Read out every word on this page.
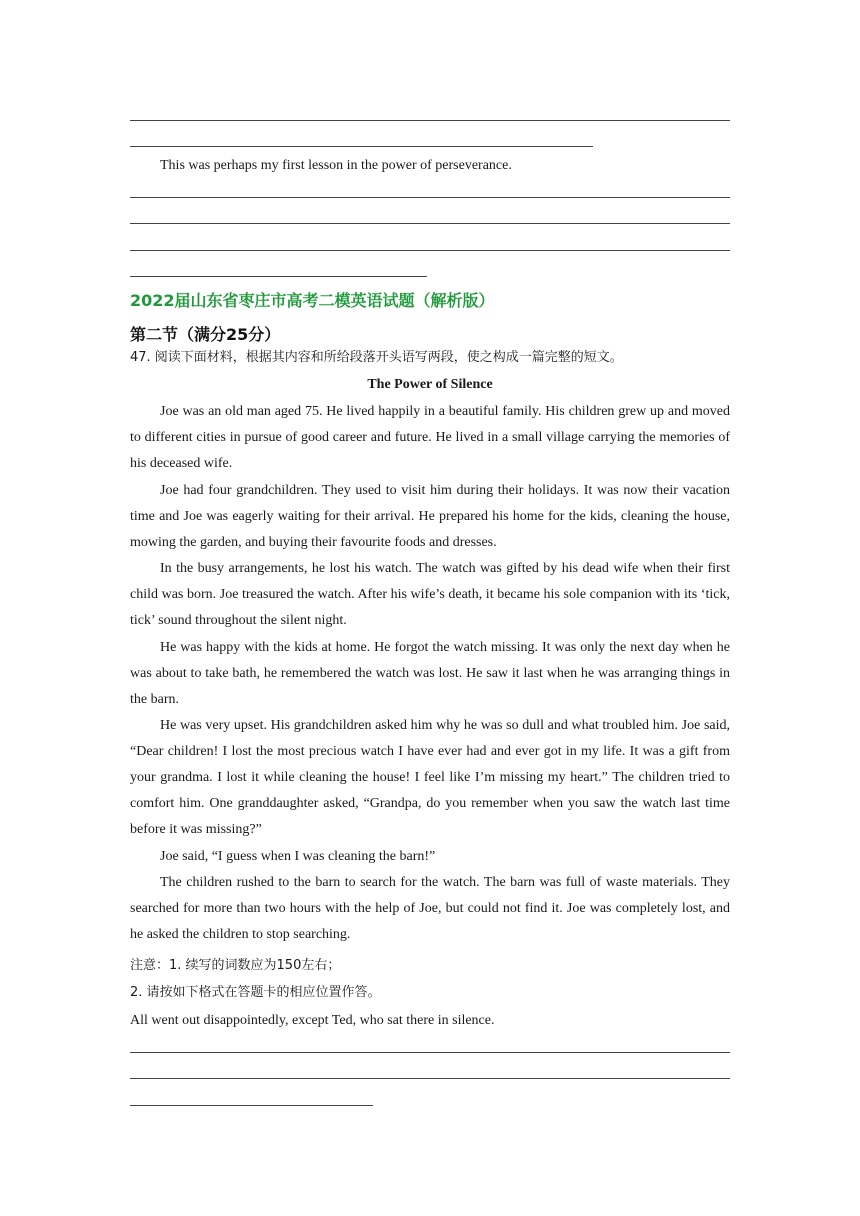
This was perhaps my first lesson in the power of perseverance.
2022届山东省枣庄市高考二模英语试题（解析版）
第二节（满分25分）
47. 阅读下面材料，根据其内容和所给段落开头语写两段，使之构成一篇完整的短文。
The Power of Silence
Joe was an old man aged 75. He lived happily in a beautiful family. His children grew up and moved to different cities in pursue of good career and future. He lived in a small village carrying the memories of his deceased wife.
Joe had four grandchildren. They used to visit him during their holidays. It was now their vacation time and Joe was eagerly waiting for their arrival. He prepared his home for the kids, cleaning the house, mowing the garden, and buying their favourite foods and dresses.
In the busy arrangements, he lost his watch. The watch was gifted by his dead wife when their first child was born. Joe treasured the watch. After his wife’s death, it became his sole companion with its ‘tick, tick’ sound throughout the silent night.
He was happy with the kids at home. He forgot the watch missing. It was only the next day when he was about to take bath, he remembered the watch was lost. He saw it last when he was arranging things in the barn.
He was very upset. His grandchildren asked him why he was so dull and what troubled him. Joe said, “Dear children! I lost the most precious watch I have ever had and ever got in my life. It was a gift from your grandma. I lost it while cleaning the house! I feel like I’m missing my heart.” The children tried to comfort him. One granddaughter asked, “Grandpa, do you remember when you saw the watch last time before it was missing?”
Joe said, “I guess when I was cleaning the barn!”
The children rushed to the barn to search for the watch. The barn was full of waste materials. They searched for more than two hours with the help of Joe, but could not find it. Joe was completely lost, and he asked the children to stop searching.
注意：1. 续写的词数应为150左右；
2. 请按如下格式在答题卡的相应位置作答。
All went out disappointedly, except Ted, who sat there in silence.
